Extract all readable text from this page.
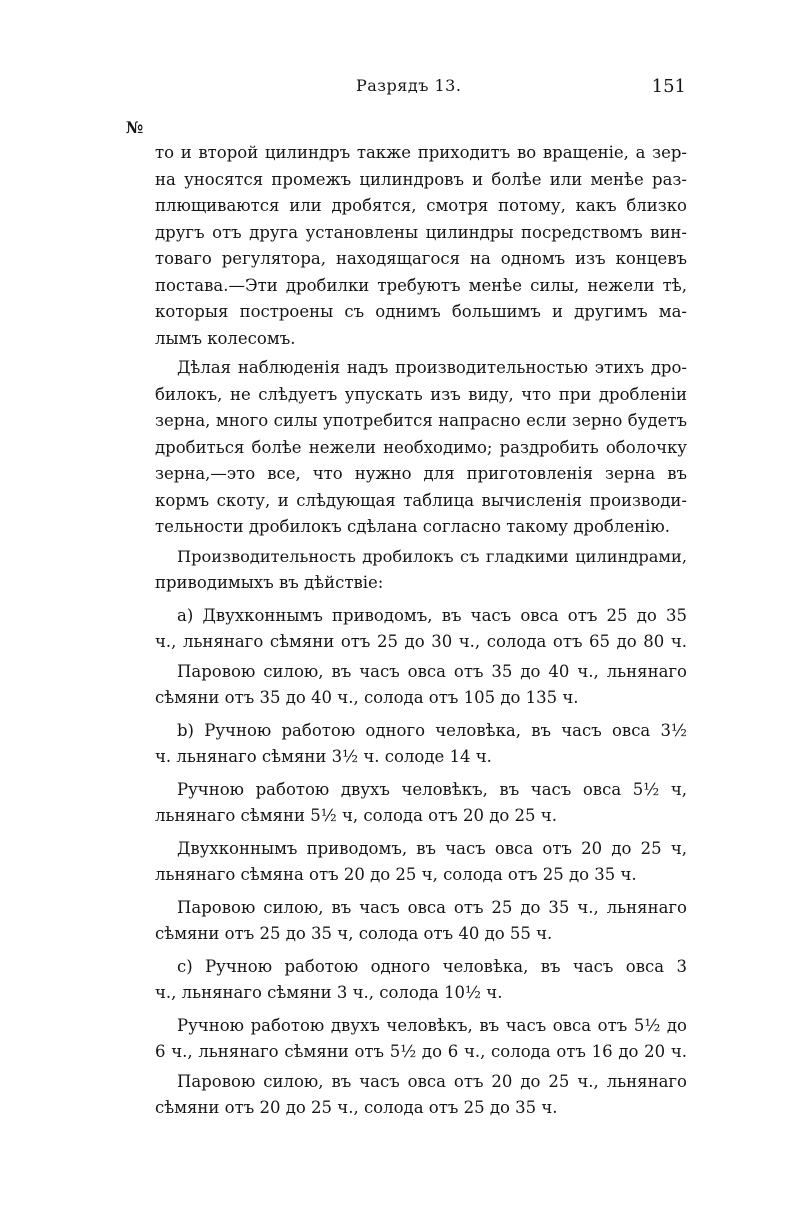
Разрядъ 13.	151
№
то и второй цилиндръ также приходитъ во вращеніе, а зер-
на уносятся промежъ цилиндровъ и болѣе или менѣе раз-
плющиваются или дробятся, смотря потому, какъ близко
другъ отъ друга установлены цилиндры посредствомъ вин-
товаго регулятора, находящагося на одномъ изъ концевъ
постава.—Эти дробилки требуютъ менѣе силы, нежели тѣ,
которыя построены съ однимъ большимъ и другимъ ма-
лымъ колесомъ.
Дѣлая наблюденія надъ производительностью этихъ дро-
билокъ, не слѣдуетъ упускать изъ виду, что при дробленіи
зерна, много силы употребится напрасно если зерно будетъ
дробиться болѣе нежели необходимо; раздробить оболочку
зерна,—это все, что нужно для приготовленія зерна въ
кормъ скоту, и слѣдующая таблица вычисленія производи-
тельности дробилокъ сдѣлана согласно такому дробленію.
Производительность дробилокъ съ гладкими цилиндрами,
приводимыхъ въ дѣйствіе:
а) Двухконнымъ приводомъ, въ часъ овса отъ 25 до 35
ч., льнянаго сѣмяни отъ 25 до 30 ч., солода отъ 65 до 80 ч.
Паровою силою, въ часъ овса отъ 35 до 40 ч., льнянаго
сѣмяни отъ 35 до 40 ч., солода отъ 105 до 135 ч.
b) Ручною работою одного человѣка, въ часъ овса 3½
ч. льнянаго сѣмяни 3½ ч. солоде 14 ч.
Ручною работою двухъ человѣкъ, въ часъ овса 5½ ч,
льнянаго сѣмяни 5½ ч, солода отъ 20 до 25 ч.
Двухконнымъ приводомъ, въ часъ овса отъ 20 до 25 ч,
льнянаго сѣмяна отъ 20 до 25 ч, солода отъ 25 до 35 ч.
Паровою силою, въ часъ овса отъ 25 до 35 ч., льнянаго
сѣмяни отъ 25 до 35 ч, солода отъ 40 до 55 ч.
с) Ручною работою одного человѣка, въ часъ овса 3
ч., льнянаго сѣмяни 3 ч., солода 10½ ч.
Ручною работою двухъ человѣкъ, въ часъ овса отъ 5½ до
6 ч., льнянаго сѣмяни отъ 5½ до 6 ч., солода отъ 16 до 20 ч.
Паровою силою, въ часъ овса отъ 20 до 25 ч., льнянаго
сѣмяни отъ 20 до 25 ч., солода отъ 25 до 35 ч.
